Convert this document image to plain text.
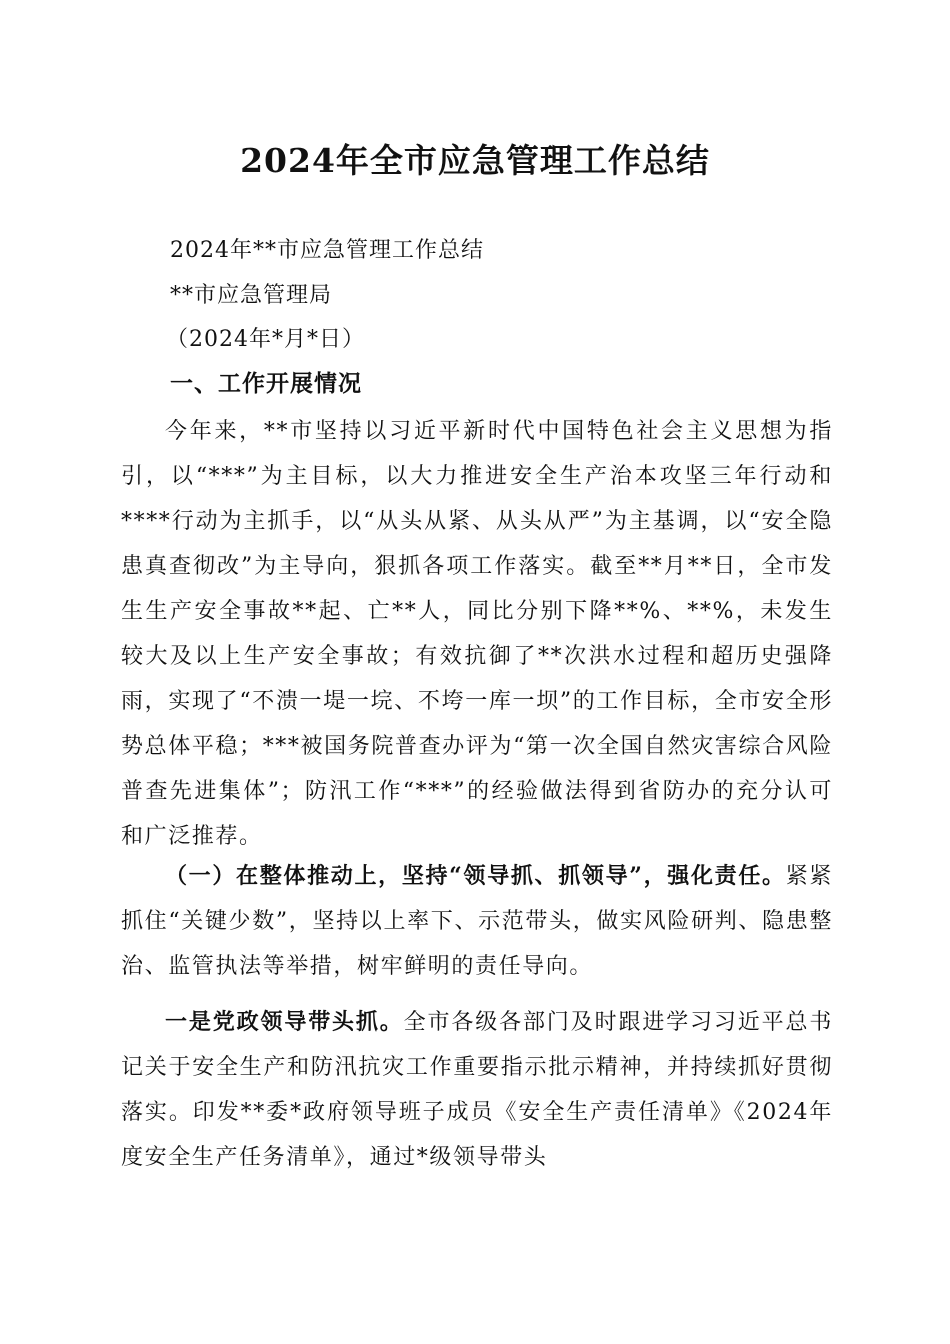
2024年全市应急管理工作总结
2024年**市应急管理工作总结
**市应急管理局
（2024年*月*日）
一、工作开展情况

今年来，**市坚持以习近平新时代中国特色社会主义思想为指引，以“***”为主目标，以大力推进安全生产治本攻坚三年行动和****行动为主抓手，以“从头从紧、从头从严”为主基调，以“安全隐患真查彻改”为主导向，狠抓各项工作落实。截至**月**日，全市发生生产安全事故**起、亡**人，同比分别下降**%、**%，未发生较大及以上生产安全事故；有效抗御了**次洪水过程和超历史强降雨，实现了“不溃一堤一垸、不垮一库一坝”的工作目标，全市安全形势总体平稳；***被国务院普查办评为“第一次全国自然灾害综合风险普查先进集体”；防汛工作“***”的经验做法得到省防办的充分认可和广泛推荐。

（一）在整体推动上，坚持“领导抓、抓领导”，强化责任。紧紧抓住“关键少数”，坚持以上率下、示范带头，做实风险研判、隐患整治、监管执法等举措，树牢鲜明的责任导向。

一是党政领导带头抓。全市各级各部门及时跟进学习习近平总书记关于安全生产和防汛抗灾工作重要指示批示精神，并持续抓好贯彻落实。印发**委*政府领导班子成员《安全生产责任清单》《2024年度安全生产任务清单》，通过*级领导带头
